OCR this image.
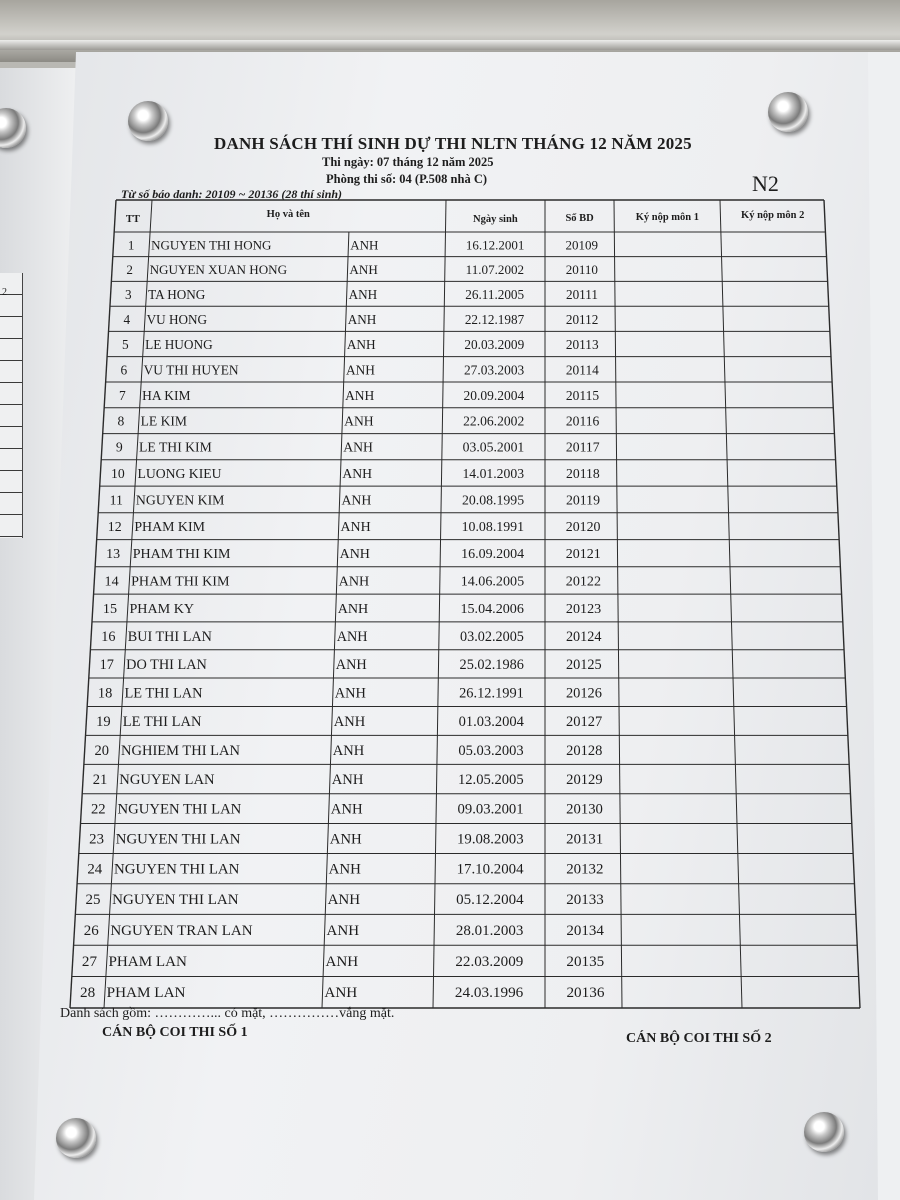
2
DANH SÁCH THÍ SINH DỰ THI NLTN THÁNG 12 NĂM 2025
Thi ngày: 07 tháng 12 năm 2025
Phòng thi số: 04 (P.508 nhà C)
Từ số báo danh: 20109 ~ 20136 (28 thí sinh)	N2
TT	Họ và tên	Ngày sinh	Số BD	Ký nộp môn 1	Ký nộp môn 2
1 NGUYEN THI HONG	ANH	16.12.2001	20109
2 NGUYEN XUAN HONG	ANH	11.07.2002	20110
3 TA HONG	ANH	26.11.2005	20111
4 VU HONG	ANH	22.12.1987	20112
5 LE HUONG	ANH	20.03.2009	20113
6 VU THI HUYEN	ANH	27.03.2003	20114
7 HA KIM	ANH	20.09.2004	20115
8 LE KIM	ANH	22.06.2002	20116
9 LE THI KIM	ANH	03.05.2001	20117
10 LUONG KIEU	ANH	14.01.2003	20118
11 NGUYEN KIM	ANH	20.08.1995	20119
12 PHAM KIM	ANH	10.08.1991	20120
13 PHAM THI KIM	ANH	16.09.2004	20121
14 PHAM THI KIM	ANH	14.06.2005	20122
15 PHAM KY	ANH	15.04.2006	20123
16 BUI THI LAN	ANH	03.02.2005	20124
17 DO THI LAN	ANH	25.02.1986	20125
18 LE THI LAN	ANH	26.12.1991	20126
19 LE THI LAN	ANH	01.03.2004	20127
20 NGHIEM THI LAN	ANH	05.03.2003	20128
21 NGUYEN LAN	ANH	12.05.2005	20129
22 NGUYEN THI LAN	ANH	09.03.2001	20130
23 NGUYEN THI LAN	ANH	19.08.2003	20131
24 NGUYEN THI LAN	ANH	17.10.2004	20132
25 NGUYEN THI LAN	ANH	05.12.2004	20133
26 NGUYEN TRAN LAN	ANH	28.01.2003	20134
27 PHAM LAN	ANH	22.03.2009	20135
28 PHAM LAN	ANH	24.03.1996	20136
Danh sách gồm: …………... có mặt, ……………vắng mặt.
CÁN BỘ COI THI SỐ 1	CÁN BỘ COI THI SỐ 2
